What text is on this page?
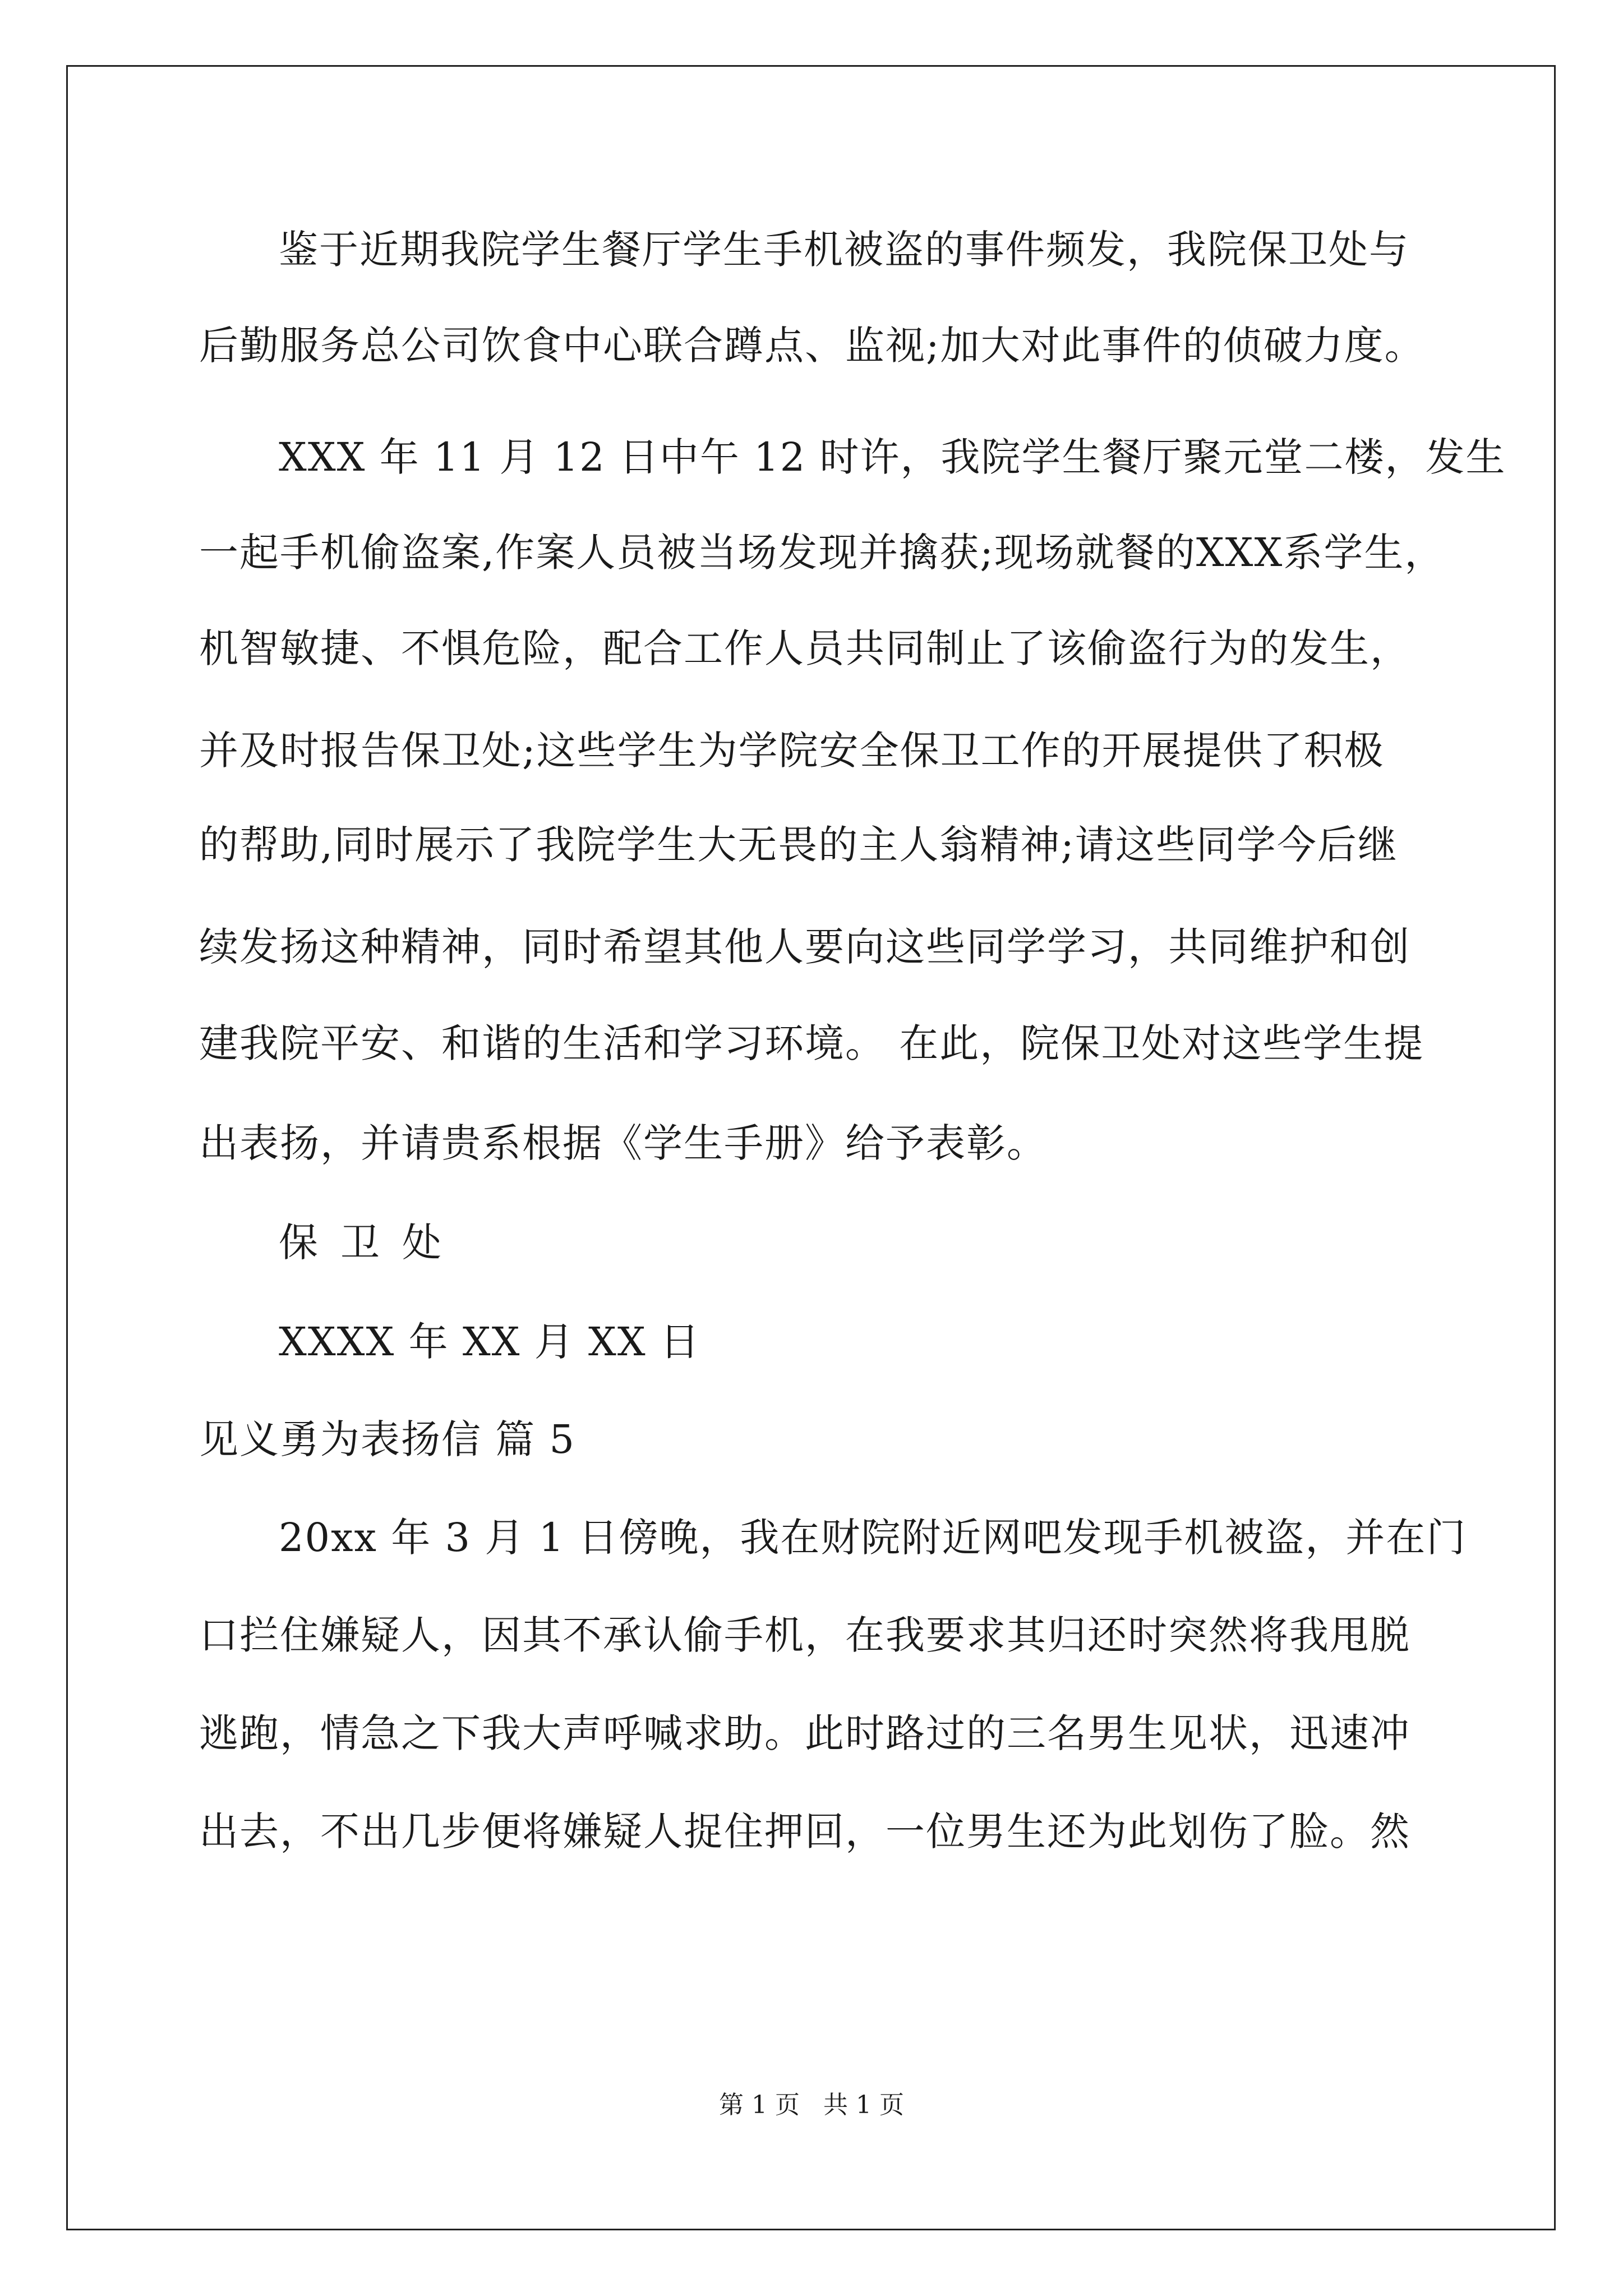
鉴于近期我院学生餐厅学生手机被盗的事件频发，我院保卫处与
后勤服务总公司饮食中心联合蹲点、监视;加大对此事件的侦破力度。
XXX 年 11 月 12 日中午 12 时许，我院学生餐厅聚元堂二楼，发生
一起手机偷盗案,作案人员被当场发现并擒获;现场就餐的XXX系学生，
机智敏捷、不惧危险，配合工作人员共同制止了该偷盗行为的发生，
并及时报告保卫处;这些学生为学院安全保卫工作的开展提供了积极
的帮助,同时展示了我院学生大无畏的主人翁精神;请这些同学今后继
续发扬这种精神，同时希望其他人要向这些同学学习，共同维护和创
建我院平安、和谐的生活和学习环境。 在此，院保卫处对这些学生提
出表扬，并请贵系根据《学生手册》给予表彰。
保卫处
XXXX 年 XX 月 XX 日
见义勇为表扬信 篇 5
20xx 年 3 月 1 日傍晚，我在财院附近网吧发现手机被盗，并在门
口拦住嫌疑人，因其不承认偷手机，在我要求其归还时突然将我甩脱
逃跑，情急之下我大声呼喊求助。此时路过的三名男生见状，迅速冲
出去，不出几步便将嫌疑人捉住押回，一位男生还为此划伤了脸。然
第 1 页 共 1 页
